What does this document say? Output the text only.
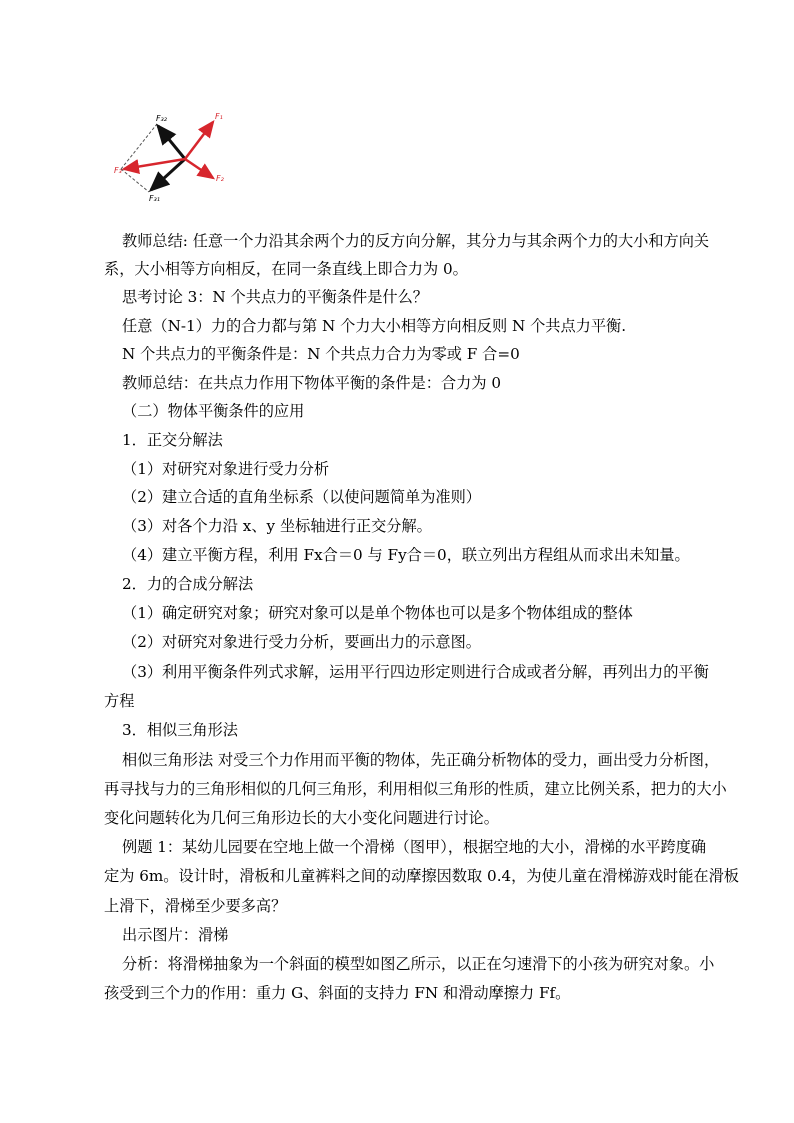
F₃₂	F₁
F₃
F₂
F₃₁
教师总结: 任意一个力沿其余两个力的反方向分解，其分力与其余两个力的大小和方向关
系，大小相等方向相反，在同一条直线上即合力为 0。
思考讨论 3：N 个共点力的平衡条件是什么？
任意（N-1）力的合力都与第 N 个力大小相等方向相反则 N 个共点力平衡.
N 个共点力的平衡条件是：N 个共点力合力为零或 F 合=0
教师总结：在共点力作用下物体平衡的条件是：合力为 0
（二）物体平衡条件的应用
1．正交分解法
（1）对研究对象进行受力分析
（2）建立合适的直角坐标系（以使问题简单为准则）
（3）对各个力沿 x、y 坐标轴进行正交分解。
（4）建立平衡方程，利用 Fx合＝0 与 Fy合＝0，联立列出方程组从而求出未知量。
2．力的合成分解法
（1）确定研究对象；研究对象可以是单个物体也可以是多个物体组成的整体
（2）对研究对象进行受力分析，要画出力的示意图。
（3）利用平衡条件列式求解，运用平行四边形定则进行合成或者分解，再列出力的平衡
方程
3．相似三角形法
相似三角形法 对受三个力作用而平衡的物体，先正确分析物体的受力，画出受力分析图，
再寻找与力的三角形相似的几何三角形，利用相似三角形的性质，建立比例关系，把力的大小
变化问题转化为几何三角形边长的大小变化问题进行讨论。
例题 1：某幼儿园要在空地上做一个滑梯（图甲），根据空地的大小，滑梯的水平跨度确
定为 6m。设计时，滑板和儿童裤料之间的动摩擦因数取 0.4，为使儿童在滑梯游戏时能在滑板
上滑下，滑梯至少要多高？
出示图片：滑梯
分析：将滑梯抽象为一个斜面的模型如图乙所示，以正在匀速滑下的小孩为研究对象。小
孩受到三个力的作用：重力 G、斜面的支持力 FN 和滑动摩擦力 Ff。
